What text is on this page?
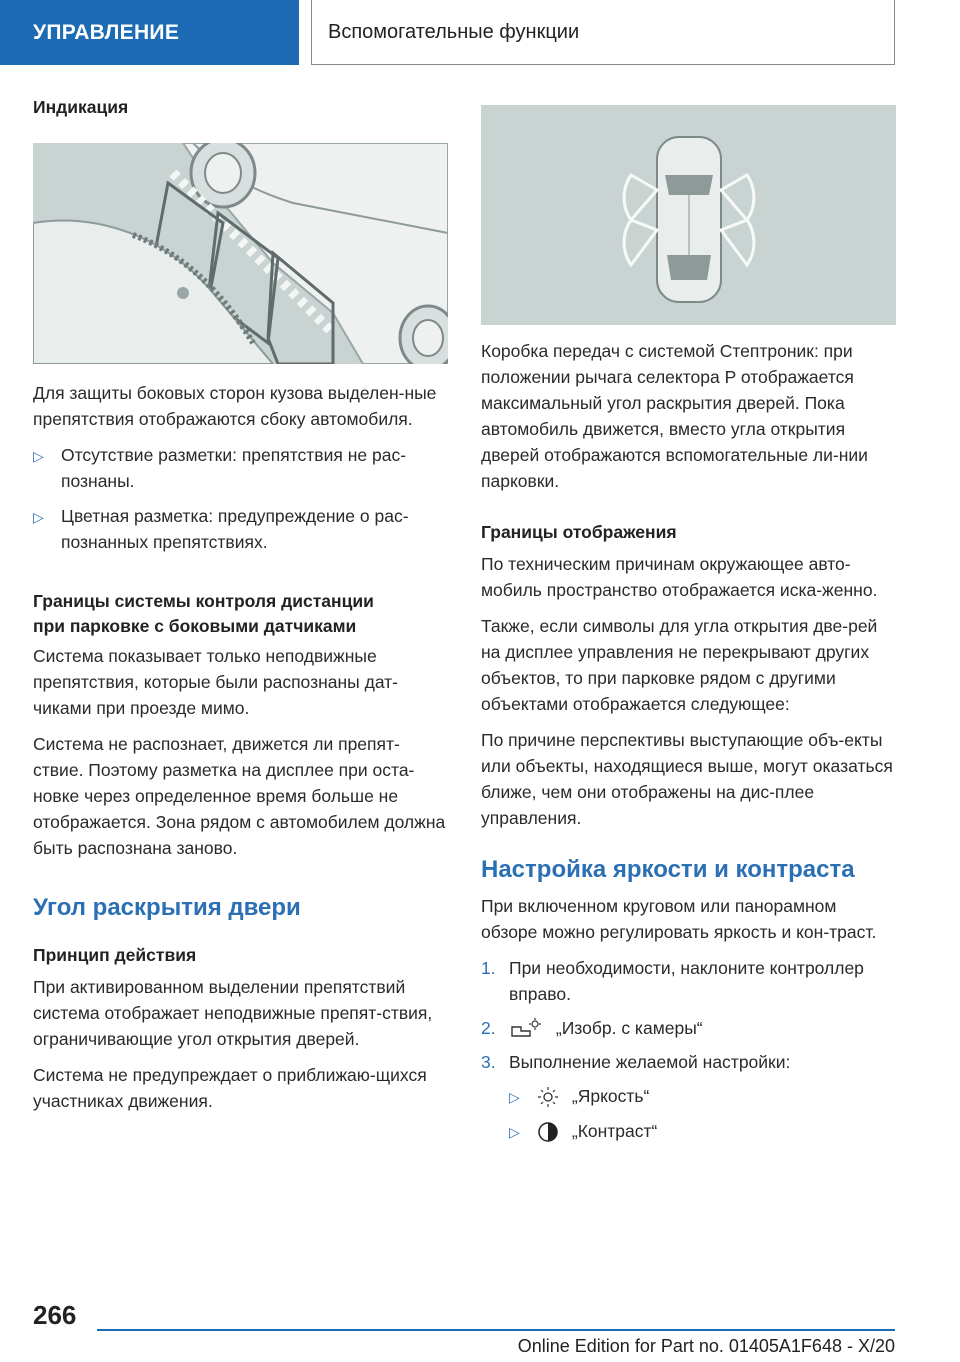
УПРАВЛЕНИЕ	Вспомогательные функции
Индикация

Для защиты боковых сторон кузова выделен-ные препятствия отображаются сбоку автомобиля.

▷ Отсутствие разметки: препятствия не рас-познаны.
▷ Цветная разметка: предупреждение о рас-познанных препятствиях.
Границы системы контроля дистанции
при парковке с боковыми датчиками

Система показывает только неподвижные препятствия, которые были распознаны дат-чиками при проезде мимо.

Система не распознает, движется ли препят-ствие. Поэтому разметка на дисплее при оста-новке через определенное время больше не отображается. Зона рядом с автомобилем должна быть распознана заново.

Угол раскрытия двери
Принцип действия

При активированном выделении препятствий система отображает неподвижные препят-ствия, ограничивающие угол открытия дверей.

Система не предупреждает о приближаю-щихся участниках движения.

Коробка передач с системой Стептроник: при положении рычага селектора P отображается максимальный угол раскрытия дверей. Пока автомобиль движется, вместо угла открытия дверей отображаются вспомогательные ли-нии парковки.

Границы отображения

По техническим причинам окружающее авто-мобиль пространство отображается иска-женно.

Также, если символы для угла открытия две-рей на дисплее управления не перекрывают других объектов, то при парковке рядом с другими объектами отображается следующее:

По причине перспективы выступающие объ-екты или объекты, находящиеся выше, могут оказаться ближе, чем они отображены на дис-плее управления.

Настройка яркости и контраста

При включенном круговом или панорамном обзоре можно регулировать яркость и кон-траст.

1. При необходимости, наклоните контроллер вправо.
2.	„Изобр. с камеры“
3. Выполнение желаемой настройки:
▷	„Яркость“
▷	„Контраст“
266
Online Edition for Part no. 01405A1F648 - X/20
